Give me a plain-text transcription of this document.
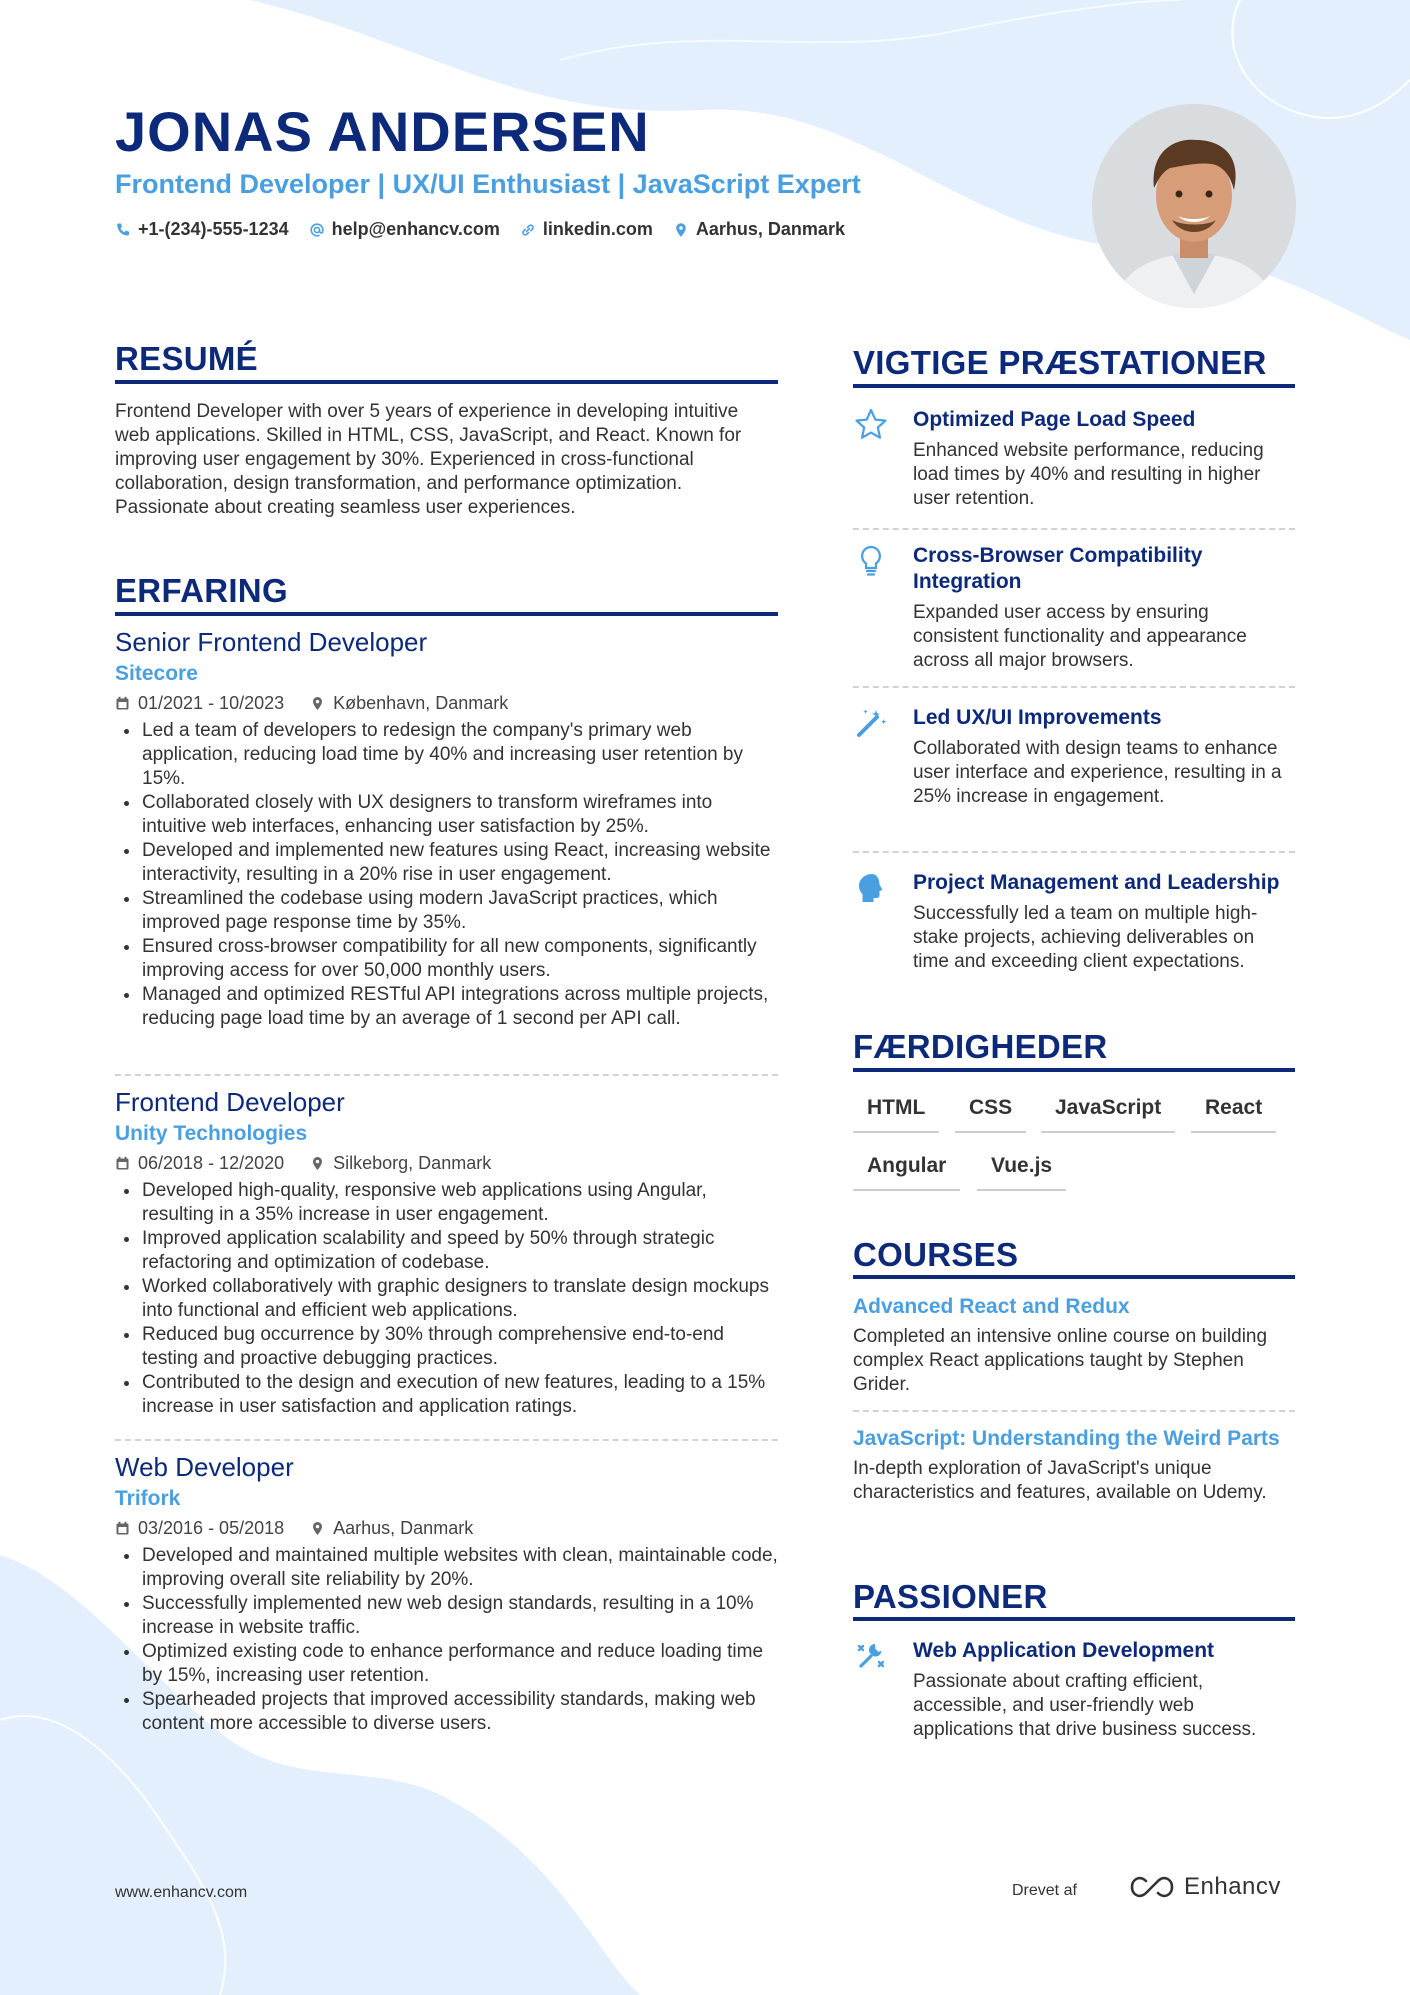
JONAS ANDERSEN
Frontend Developer | UX/UI Enthusiast | JavaScript Expert
+1-(234)-555-1234 help@enhancv.com linkedin.com Aarhus, Danmark
RESUMÉ
Frontend Developer with over 5 years of experience in developing intuitive web applications. Skilled in HTML, CSS, JavaScript, and React. Known for improving user engagement by 30%. Experienced in cross-functional collaboration, design transformation, and performance optimization. Passionate about creating seamless user experiences.
ERFARING
Senior Frontend Developer
Sitecore
01/2021 - 10/2023	København, Danmark
Led a team of developers to redesign the company's primary web application, reducing load time by 40% and increasing user retention by 15%.
Collaborated closely with UX designers to transform wireframes into intuitive web interfaces, enhancing user satisfaction by 25%.
Developed and implemented new features using React, increasing website interactivity, resulting in a 20% rise in user engagement.
Streamlined the codebase using modern JavaScript practices, which improved page response time by 35%.
Ensured cross-browser compatibility for all new components, significantly improving access for over 50,000 monthly users.
Managed and optimized RESTful API integrations across multiple projects, reducing page load time by an average of 1 second per API call.
Frontend Developer
Unity Technologies
06/2018 - 12/2020	Silkeborg, Danmark
Developed high-quality, responsive web applications using Angular, resulting in a 35% increase in user engagement.
Improved application scalability and speed by 50% through strategic refactoring and optimization of codebase.
Worked collaboratively with graphic designers to translate design mockups into functional and efficient web applications.
Reduced bug occurrence by 30% through comprehensive end-to-end testing and proactive debugging practices.
Contributed to the design and execution of new features, leading to a 15% increase in user satisfaction and application ratings.
Web Developer
Trifork
03/2016 - 05/2018	Aarhus, Danmark
Developed and maintained multiple websites with clean, maintainable code, improving overall site reliability by 20%.
Successfully implemented new web design standards, resulting in a 10% increase in website traffic.
Optimized existing code to enhance performance and reduce loading time by 15%, increasing user retention.
Spearheaded projects that improved accessibility standards, making web content more accessible to diverse users.
VIGTIGE PRÆSTATIONER
Optimized Page Load Speed
Enhanced website performance, reducing load times by 40% and resulting in higher user retention.
Cross-Browser Compatibility Integration
Expanded user access by ensuring consistent functionality and appearance across all major browsers.
Led UX/UI Improvements
Collaborated with design teams to enhance user interface and experience, resulting in a 25% increase in engagement.
Project Management and Leadership
Successfully led a team on multiple high-stake projects, achieving deliverables on time and exceeding client expectations.
FÆRDIGHEDER
HTML	CSS	JavaScript	React
Angular	Vue.js
COURSES
Advanced React and Redux
Completed an intensive online course on building complex React applications taught by Stephen Grider.
JavaScript: Understanding the Weird Parts
In-depth exploration of JavaScript's unique characteristics and features, available on Udemy.
PASSIONER
Web Application Development
Passionate about crafting efficient, accessible, and user-friendly web applications that drive business success.
www.enhancv.com	Drevet af	Enhancv
